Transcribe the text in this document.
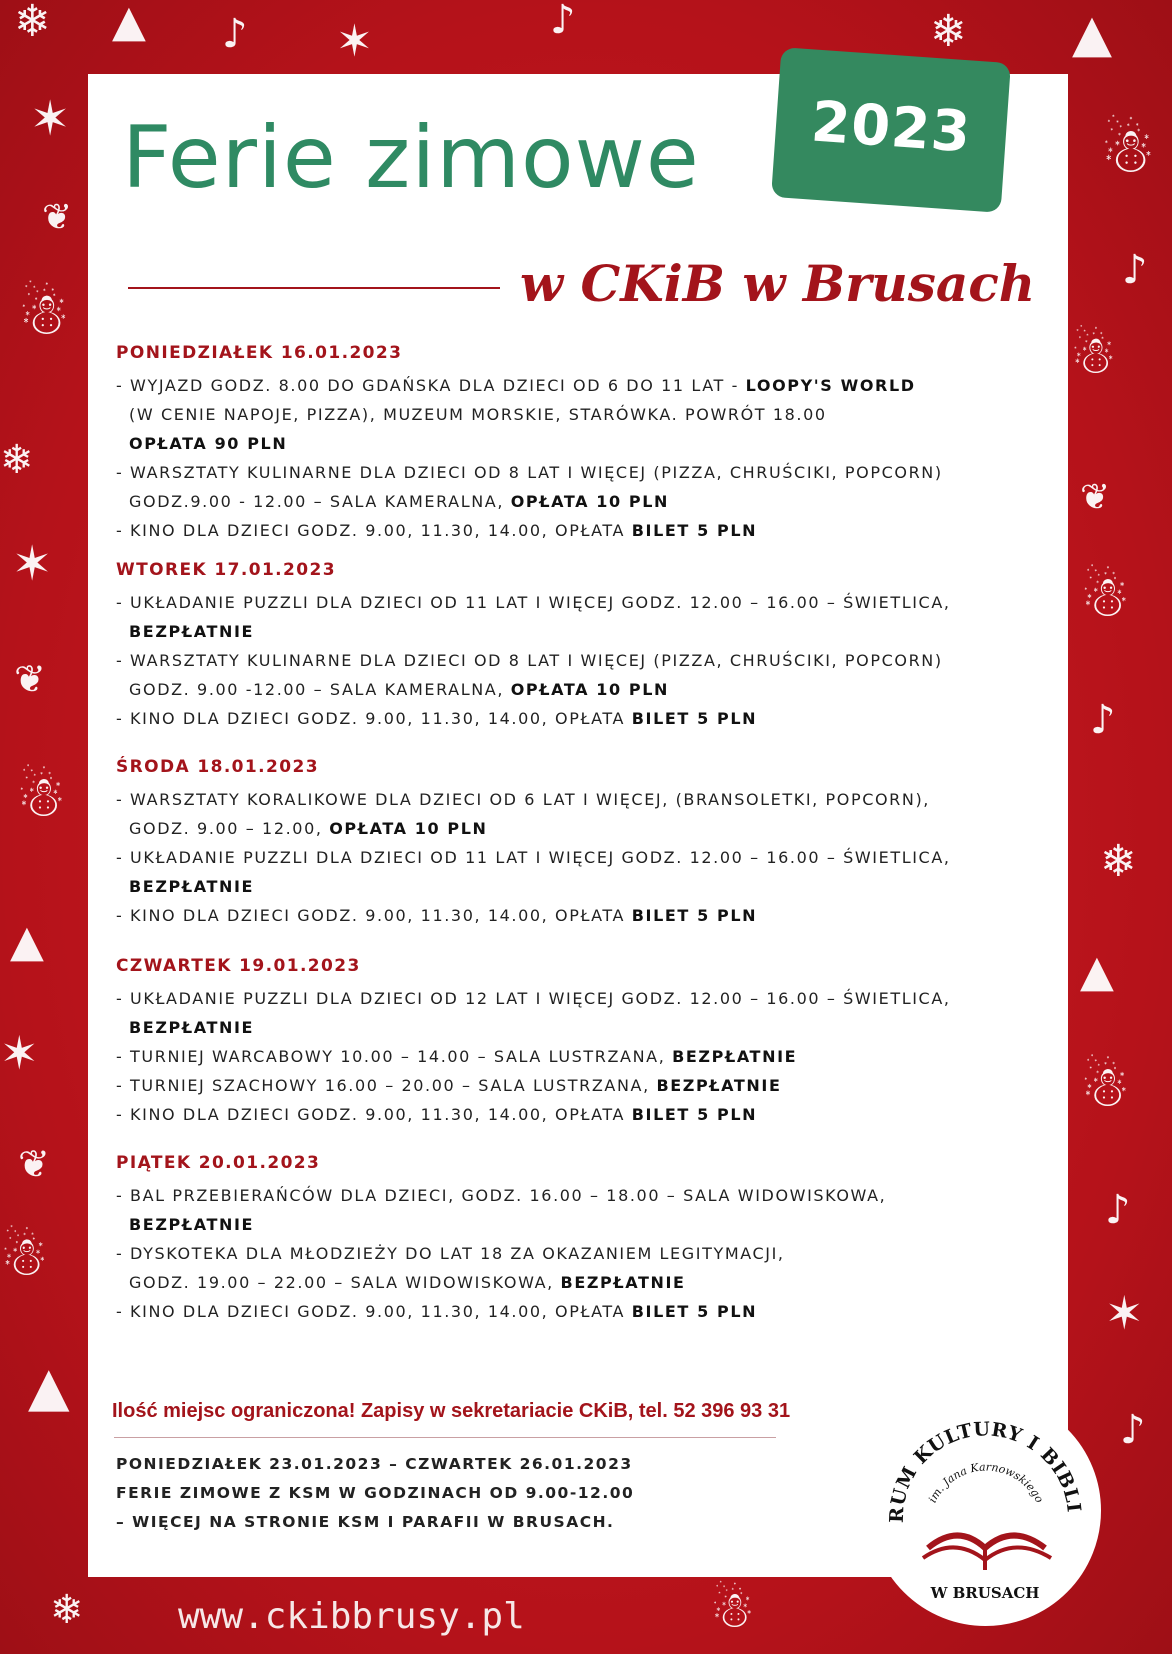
❄ ▲ ♪ ✶	♪	❄ ▲
✶
❦
☃
☃
♪
☃
❦
☃
❄
✶
❦
☃
♪
❄
▲
☃
♪
✶
♪
▲
✶
❦
☃
▲
☃
❄
2023
Ferie zimowe
w CKiB w Brusach
PONIEDZIAŁEK 16.01.2023
- WYJAZD GODZ. 8.00 DO GDAŃSKA DLA DZIECI OD 6 DO 11 LAT - LOOPY'S WORLD
(W CENIE NAPOJE, PIZZA), MUZEUM MORSKIE, STARÓWKA. POWRÓT 18.00
OPŁATA 90 PLN
- WARSZTATY KULINARNE DLA DZIECI OD 8 LAT I WIĘCEJ (PIZZA, CHRUŚCIKI, POPCORN)
GODZ.9.00 - 12.00 – SALA KAMERALNA, OPŁATA 10 PLN
- KINO DLA DZIECI GODZ. 9.00, 11.30, 14.00, OPŁATA BILET 5 PLN
WTOREK 17.01.2023
- UKŁADANIE PUZZLI DLA DZIECI OD 11 LAT I WIĘCEJ GODZ. 12.00 – 16.00 – ŚWIETLICA,
BEZPŁATNIE
- WARSZTATY KULINARNE DLA DZIECI OD 8 LAT I WIĘCEJ (PIZZA, CHRUŚCIKI, POPCORN)
GODZ. 9.00 -12.00 – SALA KAMERALNA, OPŁATA 10 PLN
- KINO DLA DZIECI GODZ. 9.00, 11.30, 14.00, OPŁATA BILET 5 PLN
ŚRODA 18.01.2023
- WARSZTATY KORALIKOWE DLA DZIECI OD 6 LAT I WIĘCEJ, (BRANSOLETKI, POPCORN),
GODZ. 9.00 – 12.00, OPŁATA 10 PLN
- UKŁADANIE PUZZLI DLA DZIECI OD 11 LAT I WIĘCEJ GODZ. 12.00 – 16.00 – ŚWIETLICA,
BEZPŁATNIE
- KINO DLA DZIECI GODZ. 9.00, 11.30, 14.00, OPŁATA BILET 5 PLN
CZWARTEK 19.01.2023
- UKŁADANIE PUZZLI DLA DZIECI OD 12 LAT I WIĘCEJ GODZ. 12.00 – 16.00 – ŚWIETLICA,
BEZPŁATNIE
- TURNIEJ WARCABOWY 10.00 – 14.00 – SALA LUSTRZANA, BEZPŁATNIE
- TURNIEJ SZACHOWY 16.00 – 20.00 – SALA LUSTRZANA, BEZPŁATNIE
- KINO DLA DZIECI GODZ. 9.00, 11.30, 14.00, OPŁATA BILET 5 PLN
PIĄTEK 20.01.2023
- BAL PRZEBIERAŃCÓW DLA DZIECI, GODZ. 16.00 – 18.00 – SALA WIDOWISKOWA,
BEZPŁATNIE
- DYSKOTEKA DLA MŁODZIEŻY DO LAT 18 ZA OKAZANIEM LEGITYMACJI,
GODZ. 19.00 – 22.00 – SALA WIDOWISKOWA, BEZPŁATNIE
- KINO DLA DZIECI GODZ. 9.00, 11.30, 14.00, OPŁATA BILET 5 PLN
Ilość miejsc ograniczona! Zapisy w sekretariacie CKiB, tel. 52 396 93 31
PONIEDZIAŁEK 23.01.2023 – CZWARTEK 26.01.2023
FERIE ZIMOWE Z KSM W GODZINACH OD 9.00-12.00
– WIĘCEJ NA STRONIE KSM I PARAFII W BRUSACH.	RUM KULTURY I BIBLI
im. Jana Karnowskiego
W BRUSACH
www.ckibbrusy.pl
